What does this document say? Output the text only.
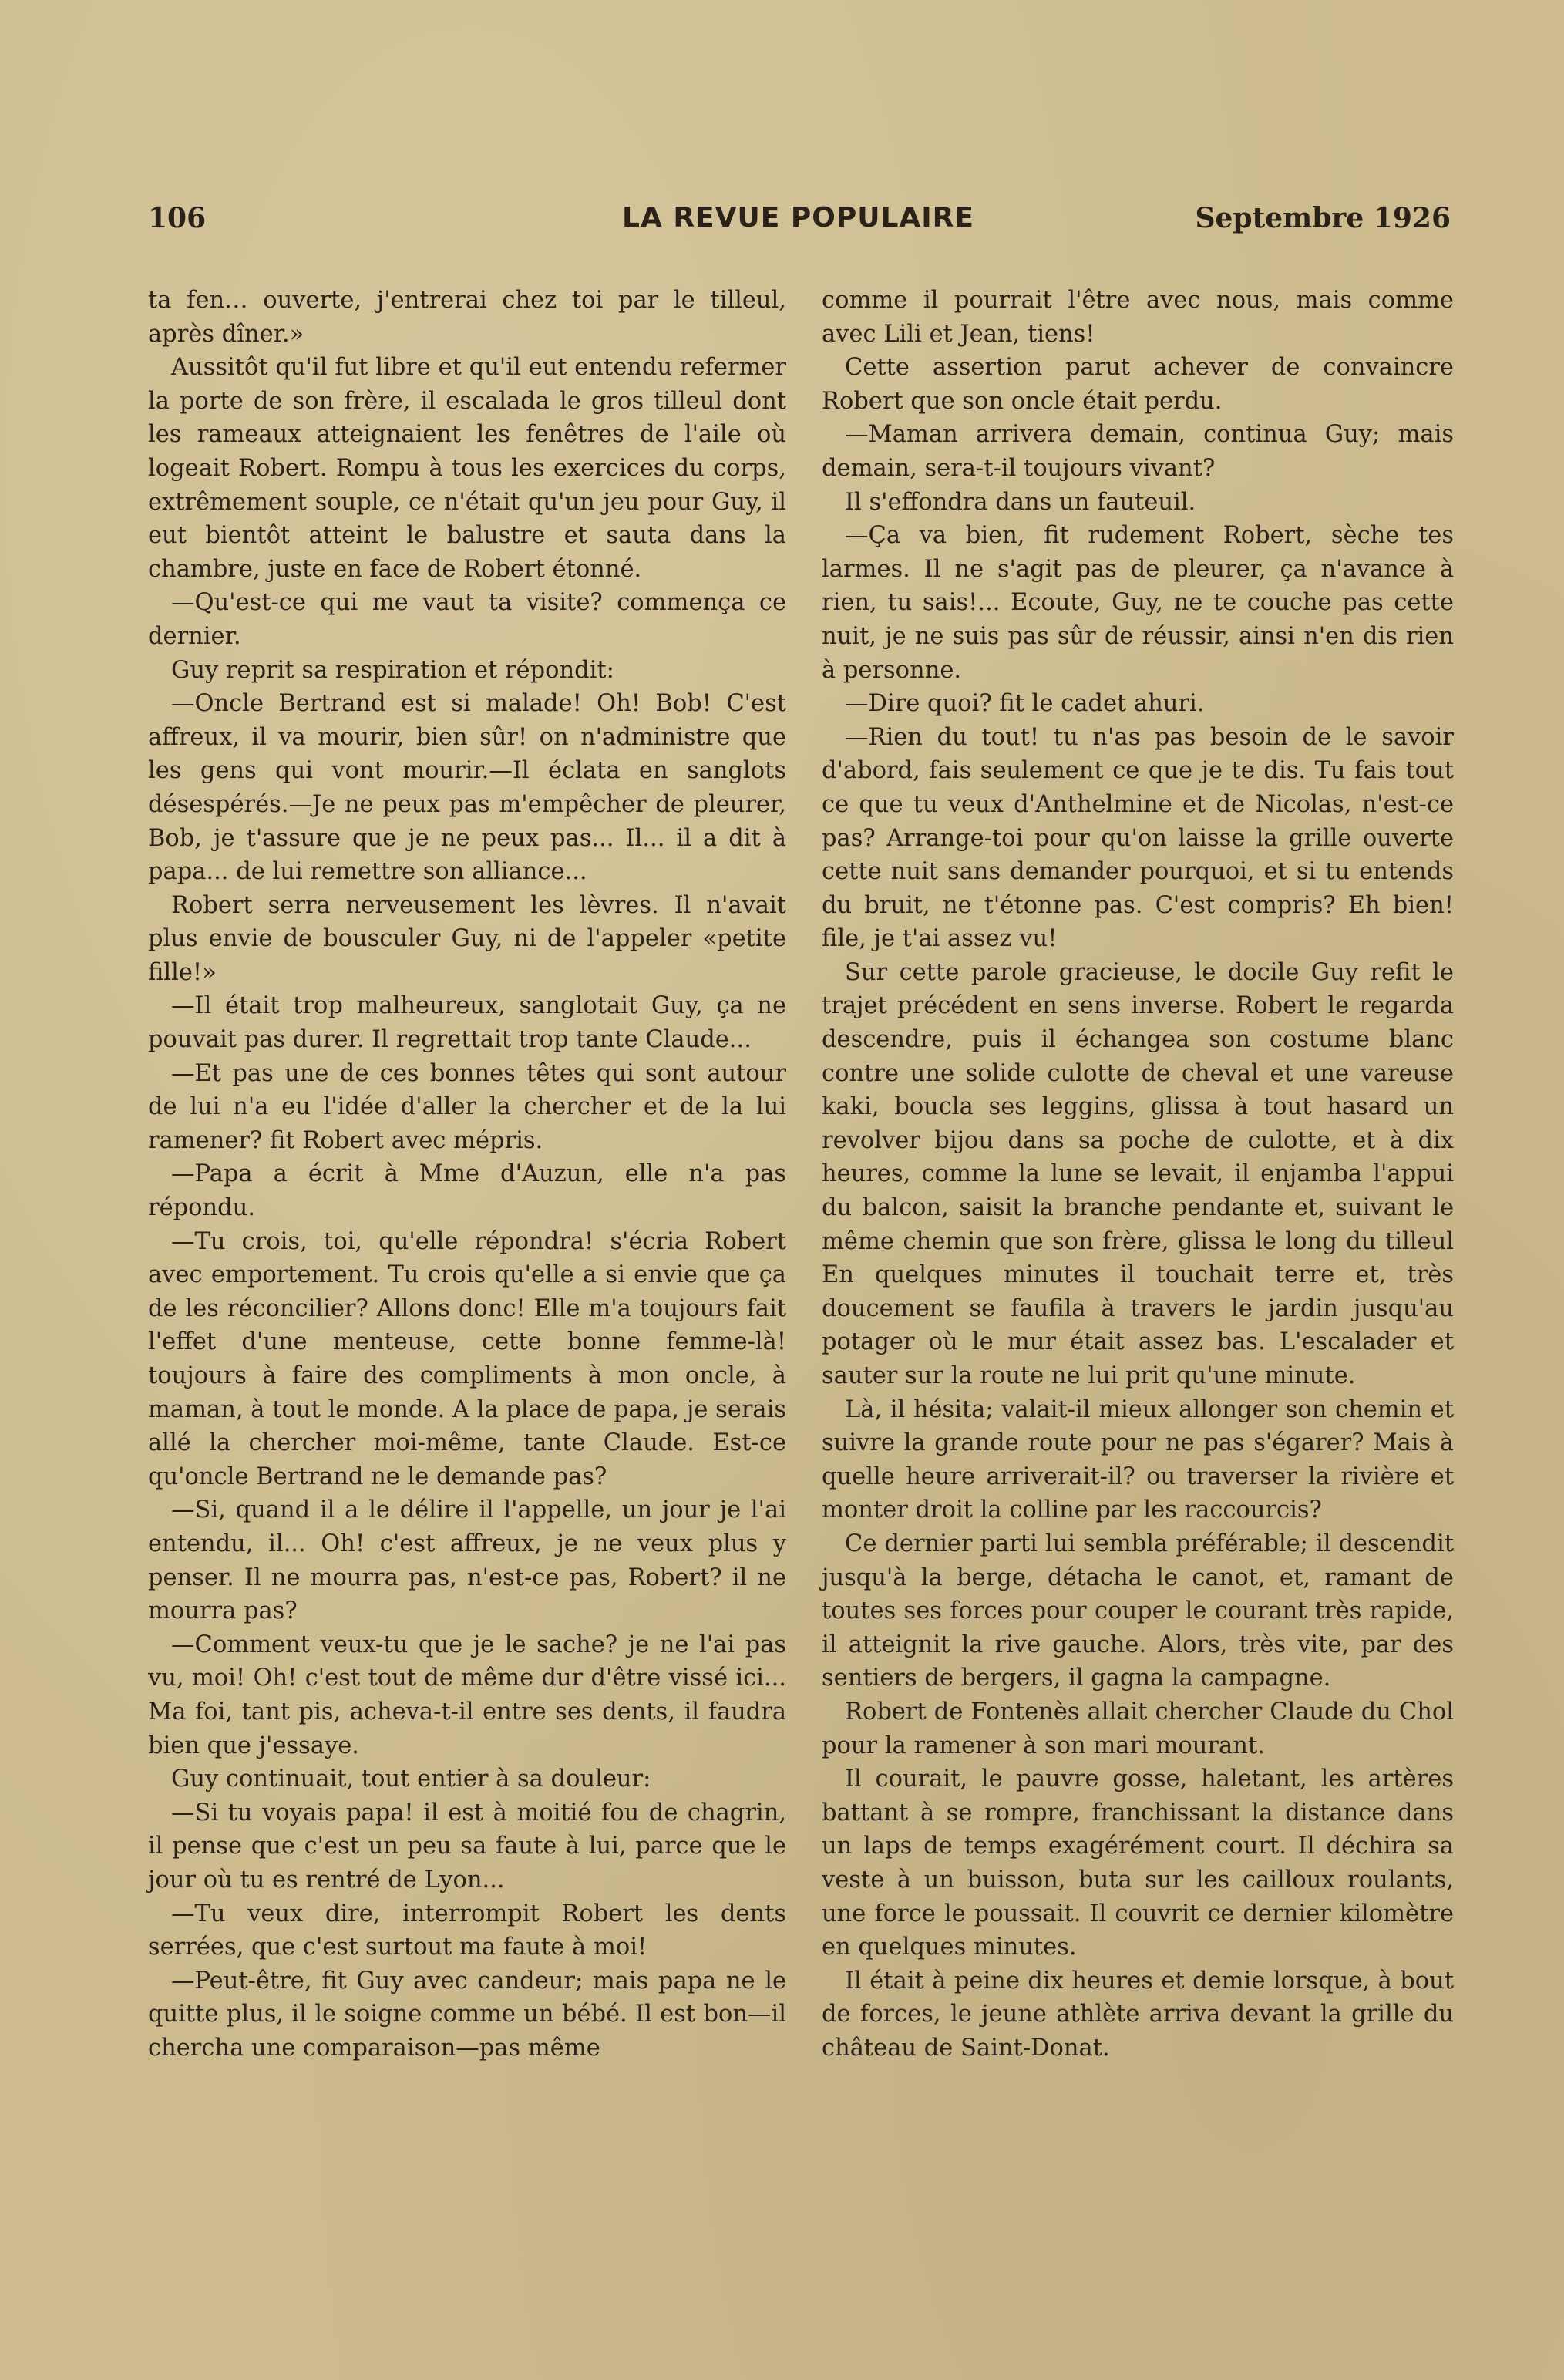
106	LA REVUE POPULAIRE	Septembre 1926

ta fen… ouverte, j'entrerai chez toi par le tilleul, après dîner.»

Aussitôt qu'il fut libre et qu'il eut entendu refermer la porte de son frère, il escalada le gros tilleul dont les rameaux atteignaient les fenêtres de l'aile où logeait Robert. Rompu à tous les exercices du corps, extrêmement souple, ce n'était qu'un jeu pour Guy, il eut bientôt atteint le balustre et sauta dans la chambre, juste en face de Robert étonné.

—Qu'est-ce qui me vaut ta visite? commença ce dernier.

Guy reprit sa respiration et répondit:

—Oncle Bertrand est si malade! Oh! Bob! C'est affreux, il va mourir, bien sûr! on n'administre que les gens qui vont mourir.—Il éclata en sanglots désespérés.—Je ne peux pas m'empêcher de pleurer, Bob, je t'assure que je ne peux pas... Il... il a dit à papa... de lui remettre son alliance...

Robert serra nerveusement les lèvres. Il n'avait plus envie de bousculer Guy, ni de l'appeler «petite fille!»

—Il était trop malheureux, sanglotait Guy, ça ne pouvait pas durer. Il regrettait trop tante Claude...

—Et pas une de ces bonnes têtes qui sont autour de lui n'a eu l'idée d'aller la chercher et de la lui ramener? fit Robert avec mépris.

—Papa a écrit à Mme d'Auzun, elle n'a pas répondu.

—Tu crois, toi, qu'elle répondra! s'écria Robert avec emportement. Tu crois qu'elle a si envie que ça de les réconcilier? Allons donc! Elle m'a toujours fait l'effet d'une menteuse, cette bonne femme-là! toujours à faire des compliments à mon oncle, à maman, à tout le monde. A la place de papa, je serais allé la chercher moi-même, tante Claude. Est-ce qu'oncle Bertrand ne le demande pas?

—Si, quand il a le délire il l'appelle, un jour je l'ai entendu, il... Oh! c'est affreux, je ne veux plus y penser. Il ne mourra pas, n'est-ce pas, Robert? il ne mourra pas?

—Comment veux-tu que je le sache? je ne l'ai pas vu, moi! Oh! c'est tout de même dur d'être vissé ici... Ma foi, tant pis, acheva-t-il entre ses dents, il faudra bien que j'essaye.

Guy continuait, tout entier à sa douleur:

—Si tu voyais papa! il est à moitié fou de chagrin, il pense que c'est un peu sa faute à lui, parce que le jour où tu es rentré de Lyon...

—Tu veux dire, interrompit Robert les dents serrées, que c'est surtout ma faute à moi!

—Peut-être, fit Guy avec candeur; mais papa ne le quitte plus, il le soigne comme un bébé. Il est bon—il chercha une comparaison—pas même

comme il pourrait l'être avec nous, mais comme avec Lili et Jean, tiens!

Cette assertion parut achever de convaincre Robert que son oncle était perdu.

—Maman arrivera demain, continua Guy; mais demain, sera-t-il toujours vivant?

Il s'effondra dans un fauteuil.

—Ça va bien, fit rudement Robert, sèche tes larmes. Il ne s'agit pas de pleurer, ça n'avance à rien, tu sais!... Ecoute, Guy, ne te couche pas cette nuit, je ne suis pas sûr de réussir, ainsi n'en dis rien à personne.

—Dire quoi? fit le cadet ahuri.

—Rien du tout! tu n'as pas besoin de le savoir d'abord, fais seulement ce que je te dis. Tu fais tout ce que tu veux d'Anthelmine et de Nicolas, n'est-ce pas? Arrange-toi pour qu'on laisse la grille ouverte cette nuit sans demander pourquoi, et si tu entends du bruit, ne t'étonne pas. C'est compris? Eh bien! file, je t'ai assez vu!

Sur cette parole gracieuse, le docile Guy refit le trajet précédent en sens inverse. Robert le regarda descendre, puis il échangea son costume blanc contre une solide culotte de cheval et une vareuse kaki, boucla ses leggins, glissa à tout hasard un revolver bijou dans sa poche de culotte, et à dix heures, comme la lune se levait, il enjamba l'appui du balcon, saisit la branche pendante et, suivant le même chemin que son frère, glissa le long du tilleul En quelques minutes il touchait terre et, très doucement se faufila à travers le jardin jusqu'au potager où le mur était assez bas. L'escalader et sauter sur la route ne lui prit qu'une minute.

Là, il hésita; valait-il mieux allonger son chemin et suivre la grande route pour ne pas s'égarer? Mais à quelle heure arriverait-il? ou traverser la rivière et monter droit la colline par les raccourcis?

Ce dernier parti lui sembla préférable; il descendit jusqu'à la berge, détacha le canot, et, ramant de toutes ses forces pour couper le courant très rapide, il atteignit la rive gauche. Alors, très vite, par des sentiers de bergers, il gagna la campagne.

Robert de Fontenès allait chercher Claude du Chol pour la ramener à son mari mourant.

Il courait, le pauvre gosse, haletant, les artères battant à se rompre, franchissant la distance dans un laps de temps exagérément court. Il déchira sa veste à un buisson, buta sur les cailloux roulants, une force le poussait. Il couvrit ce dernier kilomètre en quelques minutes.

Il était à peine dix heures et demie lorsque, à bout de forces, le jeune athlète arriva devant la grille du château de Saint-Donat.
